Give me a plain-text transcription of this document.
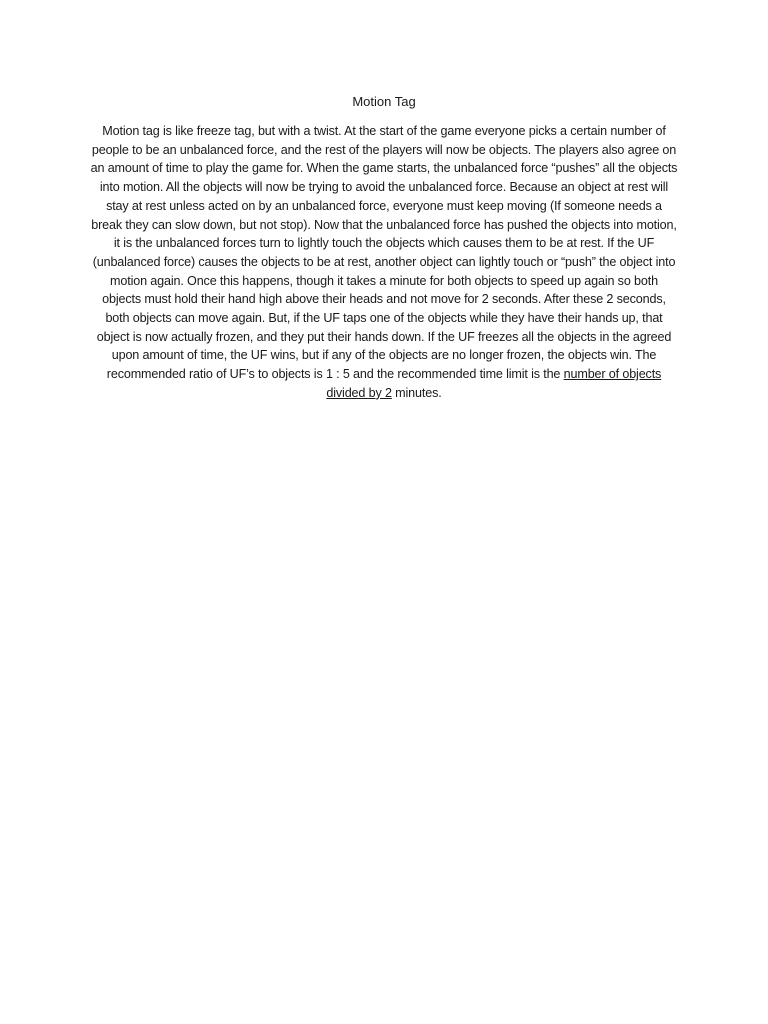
Motion Tag

Motion tag is like freeze tag, but with a twist. At the start of the game everyone picks a certain number of people to be an unbalanced force, and the rest of the players will now be objects. The players also agree on an amount of time to play the game for. When the game starts, the unbalanced force “pushes” all the objects into motion. All the objects will now be trying to avoid the unbalanced force. Because an object at rest will stay at rest unless acted on by an unbalanced force, everyone must keep moving (If someone needs a break they can slow down, but not stop). Now that the unbalanced force has pushed the objects into motion, it is the unbalanced forces turn to lightly touch the objects which causes them to be at rest. If the UF (unbalanced force) causes the objects to be at rest, another object can lightly touch or “push” the object into motion again. Once this happens, though it takes a minute for both objects to speed up again so both objects must hold their hand high above their heads and not move for 2 seconds. After these 2 seconds, both objects can move again. But, if the UF taps one of the objects while they have their hands up, that object is now actually frozen, and they put their hands down. If the UF freezes all the objects in the agreed upon amount of time, the UF wins, but if any of the objects are no longer frozen, the objects win. The recommended ratio of UF’s to objects is 1 : 5 and the recommended time limit is the number of objects divided by 2 minutes.
